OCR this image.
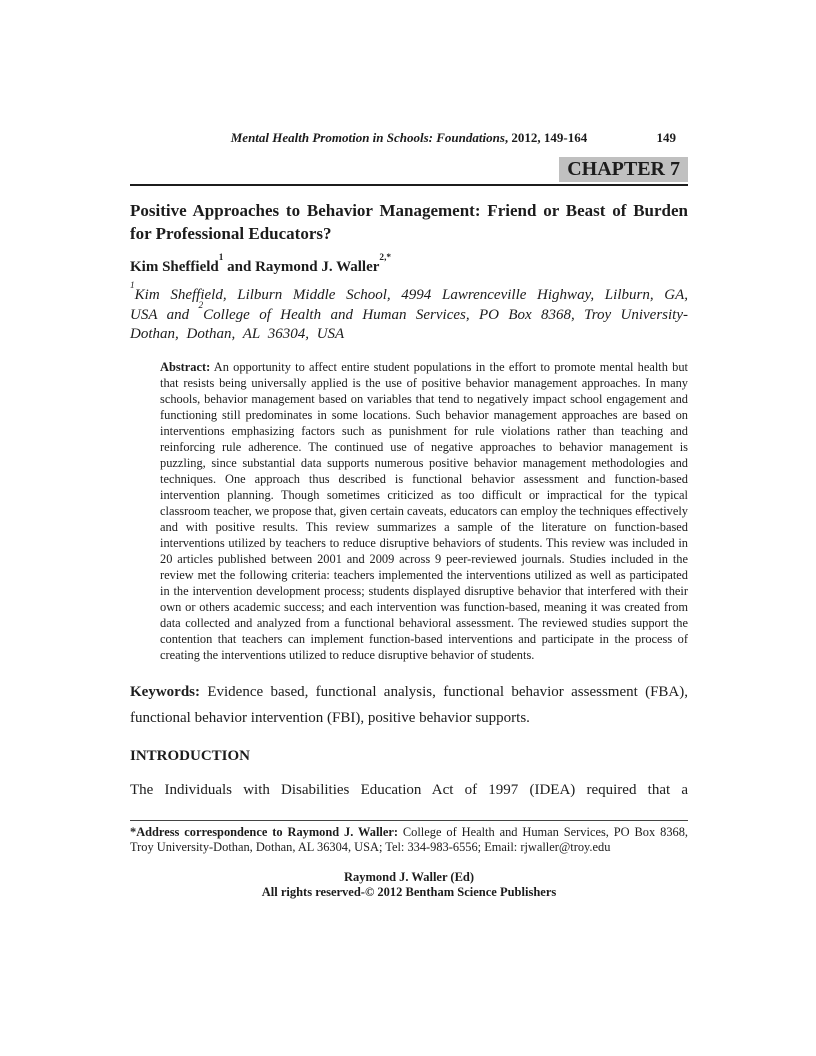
Mental Health Promotion in Schools: Foundations, 2012, 149-164	149
CHAPTER 7
Positive Approaches to Behavior Management: Friend or Beast of Burden for Professional Educators?
Kim Sheffield$^1$ and Raymond J. Waller$^{2,*}$
$^1$Kim Sheffield, Lilburn Middle School, 4994 Lawrenceville Highway, Lilburn, GA, USA and $^2$College of Health and Human Services, PO Box 8368, Troy University-Dothan, Dothan, AL 36304, USA
Abstract: An opportunity to affect entire student populations in the effort to promote mental health but that resists being universally applied is the use of positive behavior management approaches. In many schools, behavior management based on variables that tend to negatively impact school engagement and functioning still predominates in some locations. Such behavior management approaches are based on interventions emphasizing factors such as punishment for rule violations rather than teaching and reinforcing rule adherence. The continued use of negative approaches to behavior management is puzzling, since substantial data supports numerous positive behavior management methodologies and techniques. One approach thus described is functional behavior assessment and function-based intervention planning. Though sometimes criticized as too difficult or impractical for the typical classroom teacher, we propose that, given certain caveats, educators can employ the techniques effectively and with positive results. This review summarizes a sample of the literature on function-based interventions utilized by teachers to reduce disruptive behaviors of students. This review was included in 20 articles published between 2001 and 2009 across 9 peer-reviewed journals. Studies included in the review met the following criteria: teachers implemented the interventions utilized as well as participated in the intervention development process; students displayed disruptive behavior that interfered with their own or others academic success; and each intervention was function-based, meaning it was created from data collected and analyzed from a functional behavioral assessment. The reviewed studies support the contention that teachers can implement function-based interventions and participate in the process of creating the interventions utilized to reduce disruptive behavior of students.
Keywords: Evidence based, functional analysis, functional behavior assessment (FBA), functional behavior intervention (FBI), positive behavior supports.
INTRODUCTION
The Individuals with Disabilities Education Act of 1997 (IDEA) required that a
*Address correspondence to Raymond J. Waller: College of Health and Human Services, PO Box 8368, Troy University-Dothan, Dothan, AL 36304, USA; Tel: 334-983-6556; Email: rjwaller@troy.edu
Raymond J. Waller (Ed)
All rights reserved-© 2012 Bentham Science Publishers
